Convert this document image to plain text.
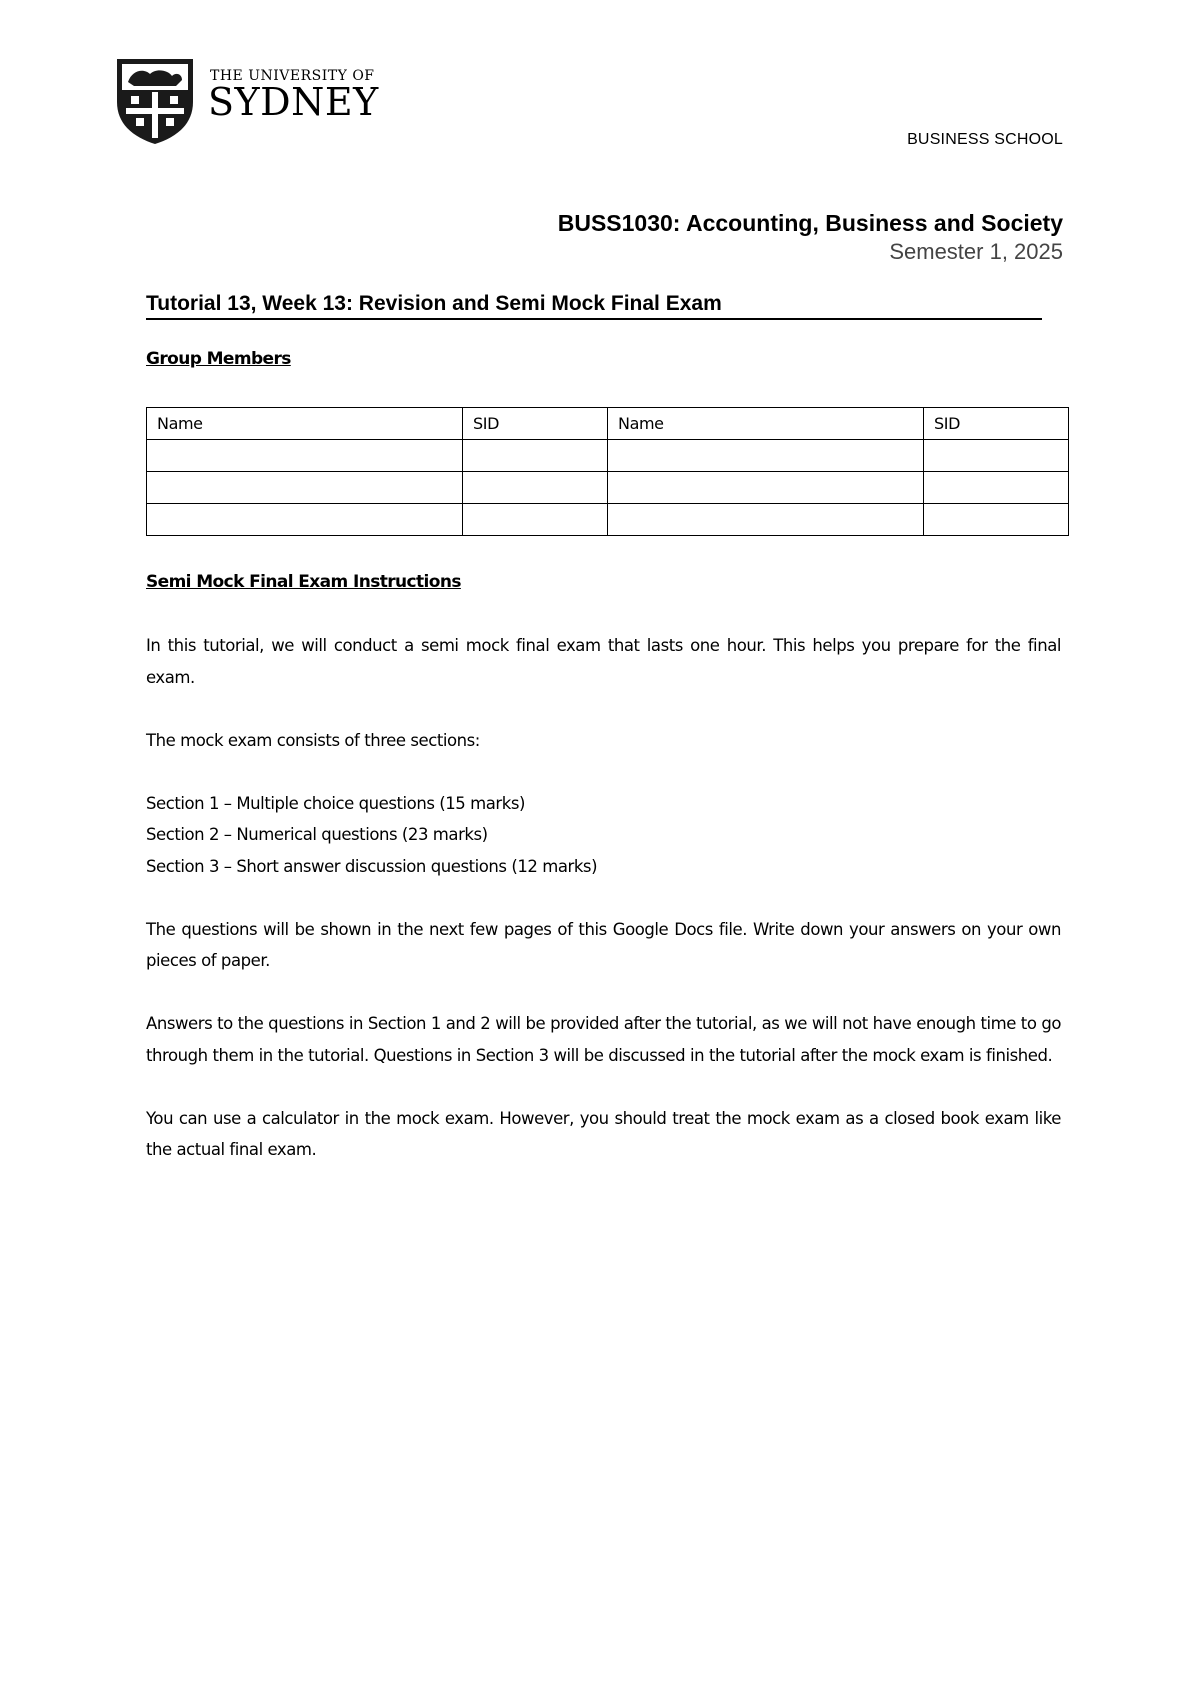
THE UNIVERSITY OF
SYDNEY
BUSINESS SCHOOL
BUSS1030: Accounting, Business and Society
Semester 1, 2025
Tutorial 13, Week 13: Revision and Semi Mock Final Exam
Group Members
Name	SID	Name	SID

Semi Mock Final Exam Instructions

In this tutorial, we will conduct a semi mock final exam that lasts one hour. This helps you prepare for the final exam.

The mock exam consists of three sections:

Section 1 – Multiple choice questions (15 marks)
Section 2 – Numerical questions (23 marks)
Section 3 – Short answer discussion questions (12 marks)

The questions will be shown in the next few pages of this Google Docs file. Write down your answers on your own pieces of paper.

Answers to the questions in Section 1 and 2 will be provided after the tutorial, as we will not have enough time to go through them in the tutorial. Questions in Section 3 will be discussed in the tutorial after the mock exam is finished.

You can use a calculator in the mock exam. However, you should treat the mock exam as a closed book exam like the actual final exam.
